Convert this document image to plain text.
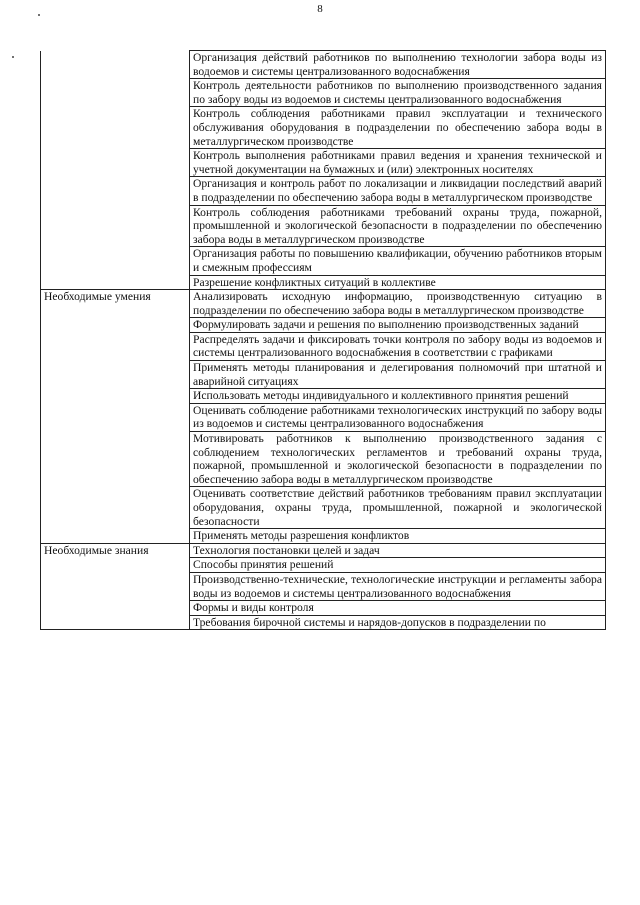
8
	Организация действий работников по выполнению технологии забора воды из водоемов и системы централизованного водоснабжения
	Контроль деятельности работников по выполнению производственного задания по забору воды из водоемов и системы централизованного водоснабжения
	Контроль соблюдения работниками правил эксплуатации и технического обслуживания оборудования в подразделении по обеспечению забора воды в металлургическом производстве
	Контроль выполнения работниками правил ведения и хранения технической и учетной документации на бумажных и (или) электронных носителях
	Организация и контроль работ по локализации и ликвидации последствий аварий в подразделении по обеспечению забора воды в металлургическом производстве
	Контроль соблюдения работниками требований охраны труда, пожарной, промышленной и экологической безопасности в подразделении по обеспечению забора воды в металлургическом производстве
	Организация работы по повышению квалификации, обучению работников вторым и смежным профессиям
	Разрешение конфликтных ситуаций в коллективе
Необходимые умения	Анализировать исходную информацию, производственную ситуацию в подразделении по обеспечению забора воды в металлургическом производстве
	Формулировать задачи и решения по выполнению производственных заданий
	Распределять задачи и фиксировать точки контроля по забору воды из водоемов и системы централизованного водоснабжения в соответствии с графиками
	Применять методы планирования и делегирования полномочий при штатной и аварийной ситуациях
	Использовать методы индивидуального и коллективного принятия решений
	Оценивать соблюдение работниками технологических инструкций по забору воды из водоемов и системы централизованного водоснабжения
	Мотивировать работников к выполнению производственного задания с соблюдением технологических регламентов и требований охраны труда, пожарной, промышленной и экологической безопасности в подразделении по обеспечению забора воды в металлургическом производстве
	Оценивать соответствие действий работников требованиям правил эксплуатации оборудования, охраны труда, промышленной, пожарной и экологической безопасности
	Применять методы разрешения конфликтов
Необходимые знания	Технология постановки целей и задач
	Способы принятия решений
	Производственно-технические, технологические инструкции и регламенты забора воды из водоемов и системы централизованного водоснабжения
	Формы и виды контроля
	Требования бирочной системы и нарядов-допусков в подразделении по
